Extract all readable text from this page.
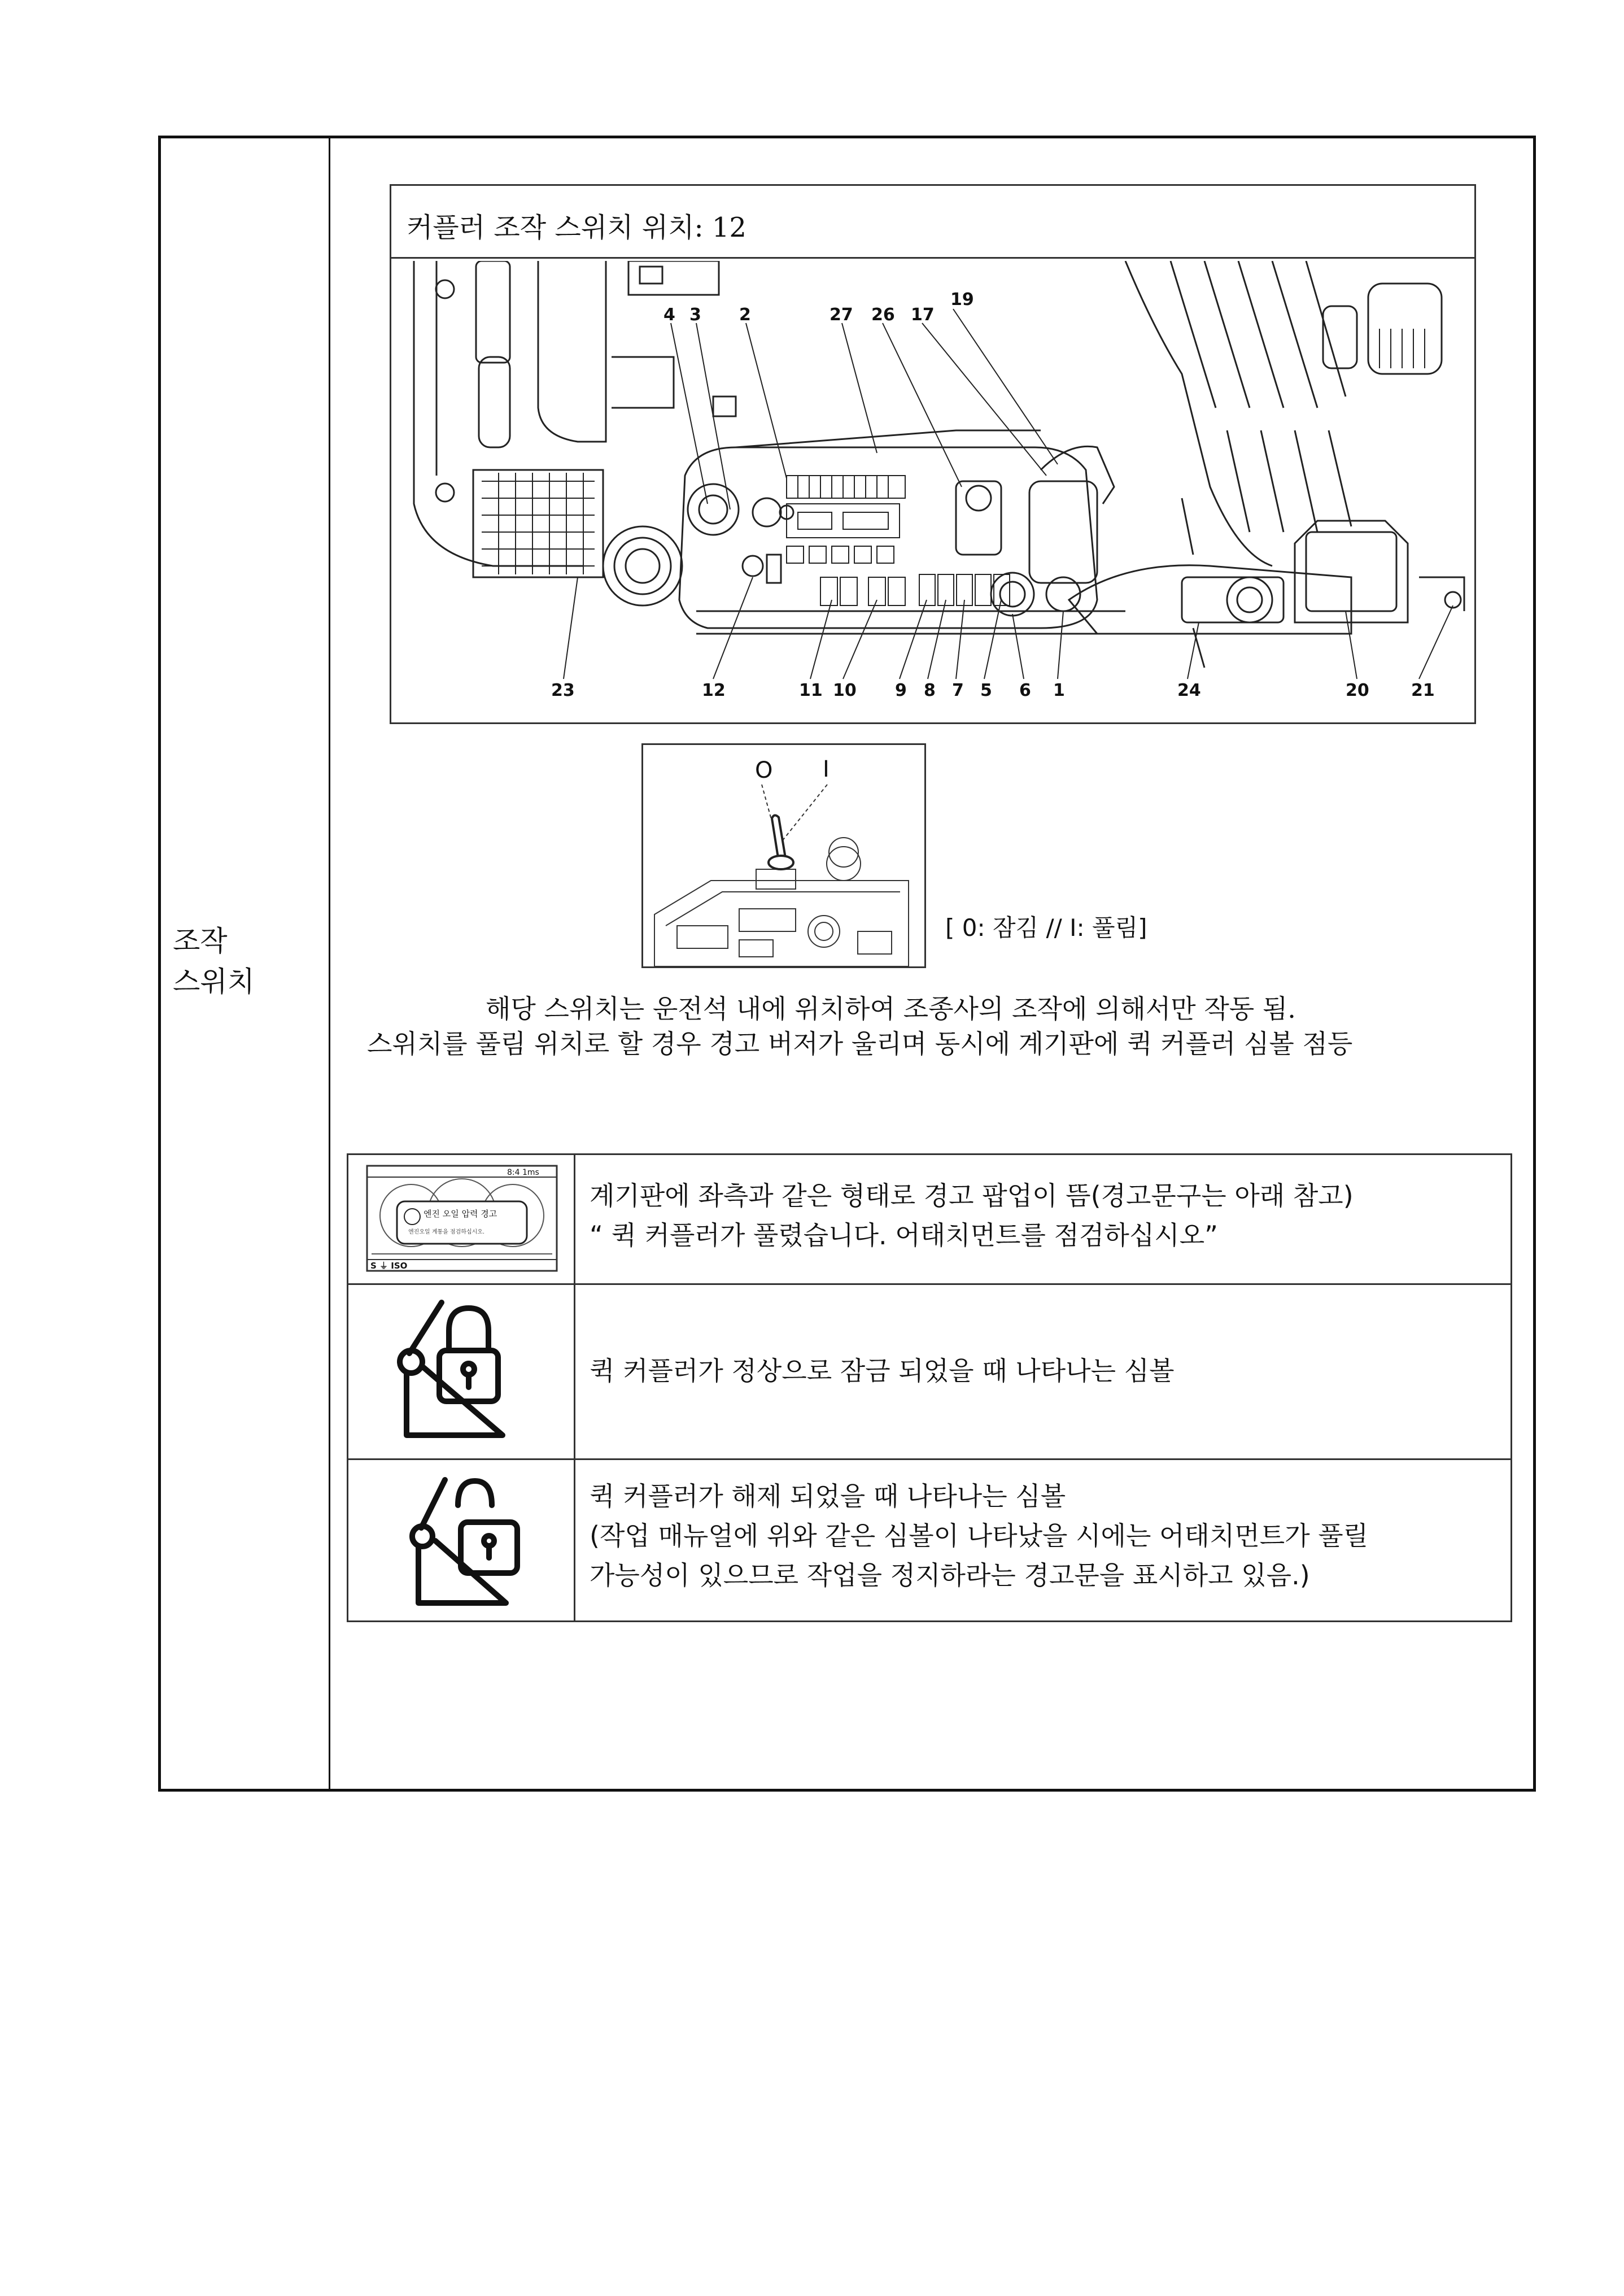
조작
스위치
커플러 조작 스위치 위치: 12
4 3 2	27 26 17
19
23	12	11 10 9 8 7 5 6 1	24	20 21
O I
[ 0: 잠김 // I: 풀림]
해당 스위치는 운전석 내에 위치하여 조종사의 조작에 의해서만 작동 됨.
스위치를 풀림 위치로 할 경우 경고 버저가 울리며 동시에 계기판에 퀵 커플러 심볼 점등
8:4 1ms
엔진 오일 압력 경고
엔진오일 계통을 점검하십시오.
S ⏚ ISO
계기판에 좌측과 같은 형태로 경고 팝업이 뜸(경고문구는 아래 참고)
“ 퀵 커플러가 풀렸습니다. 어태치먼트를 점검하십시오”
퀵 커플러가 정상으로 잠금 되었을 때 나타나는 심볼
퀵 커플러가 해제 되었을 때 나타나는 심볼
(작업 매뉴얼에 위와 같은 심볼이 나타났을 시에는 어태치먼트가 풀릴
가능성이 있으므로 작업을 정지하라는 경고문을 표시하고 있음.)
